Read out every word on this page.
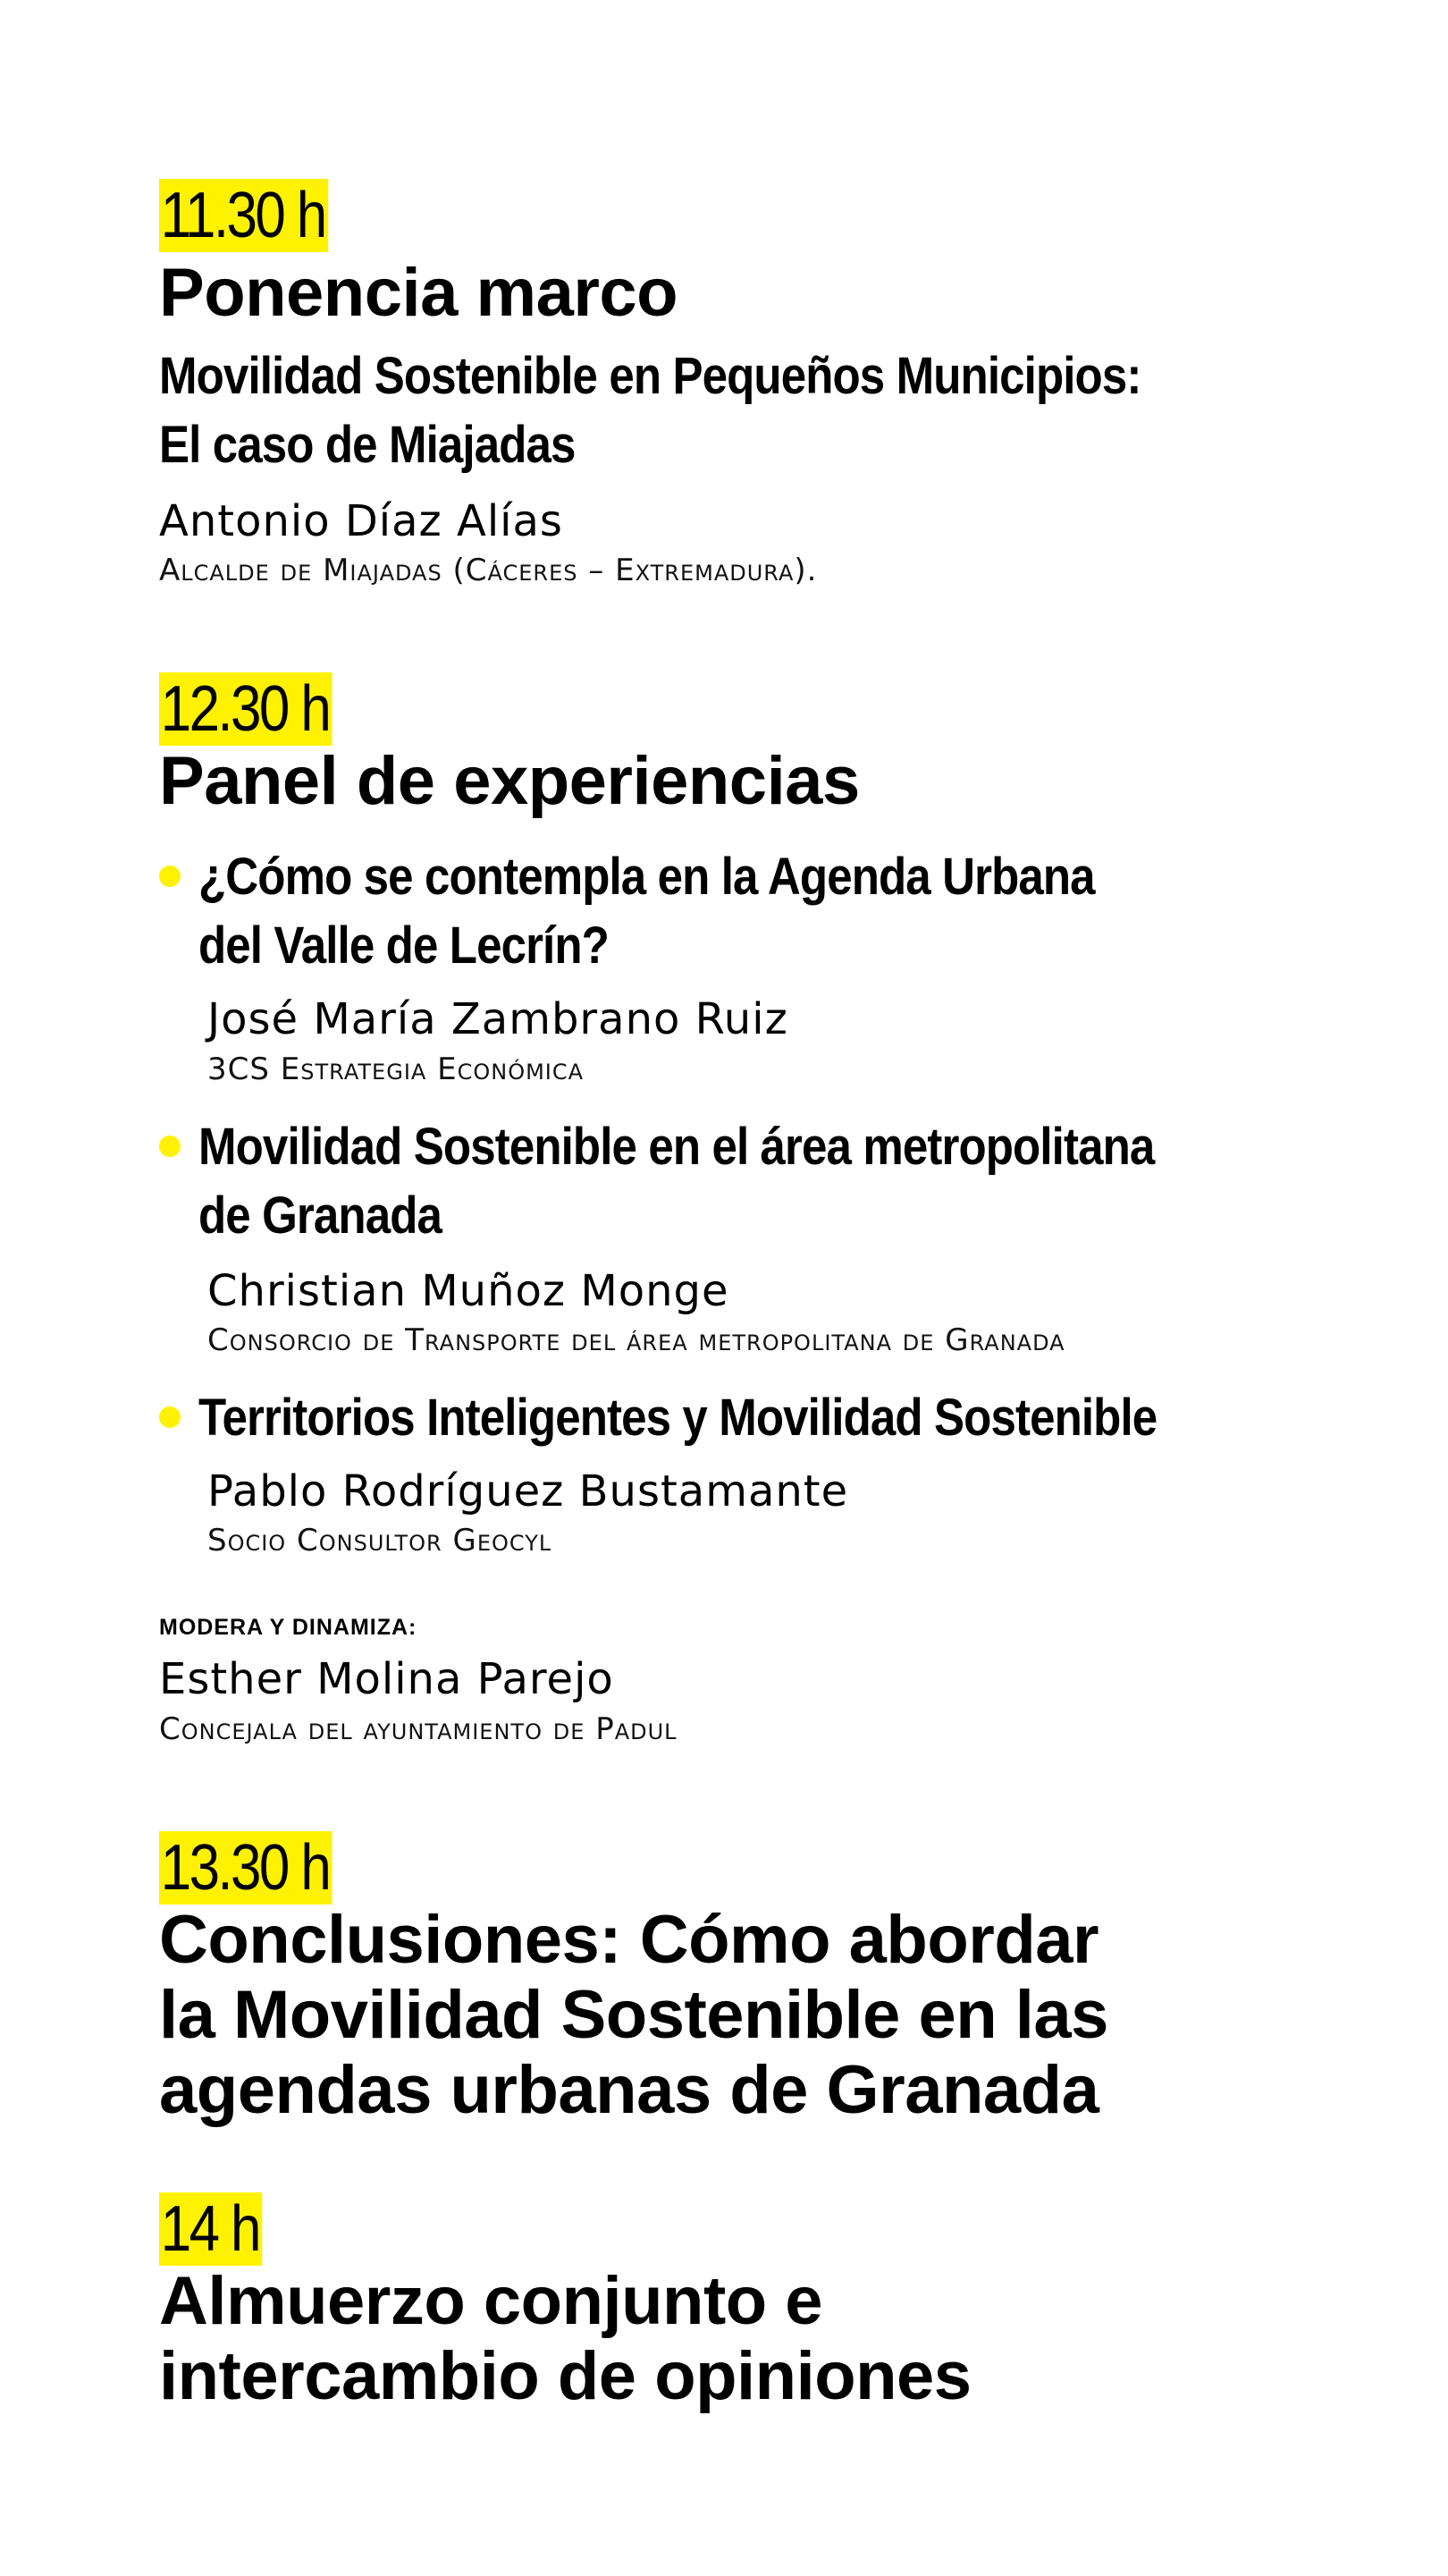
11.30 h
Ponencia marco

Movilidad Sostenible en Pequeños Municipios:

El caso de Miajadas

Antonio Díaz Alías

Alcalde de Miajadas (Cáceres – Extremadura).

12.30 h
Panel de experiencias

¿Cómo se contempla en la Agenda Urbana

del Valle de Lecrín?

José María Zambrano Ruiz

3CS Estrategia Económica

Movilidad Sostenible en el área metropolitana

de Granada

Christian Muñoz Monge

Consorcio de Transporte del área metropolitana de Granada

Territorios Inteligentes y Movilidad Sostenible

Pablo Rodríguez Bustamante

Socio Consultor Geocyl

MODERA Y DINAMIZA:

Esther Molina Parejo

Concejala del ayuntamiento de Padul

13.30 h
Conclusiones: Cómo abordar
la Movilidad Sostenible en las
agendas urbanas de Granada
14 h
Almuerzo conjunto e
intercambio de opiniones
